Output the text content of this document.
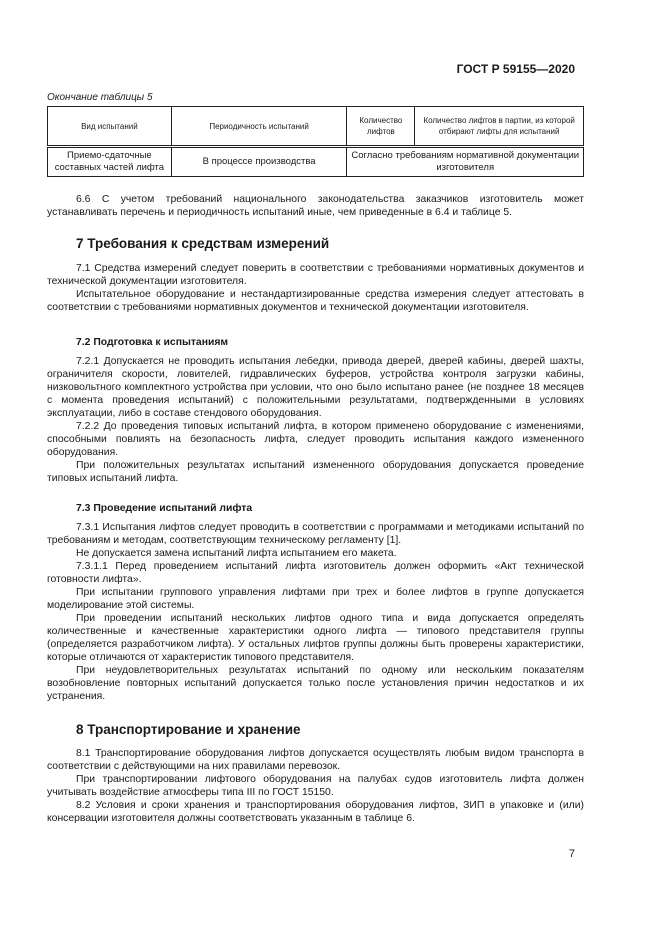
ГОСТ Р 59155—2020
Окончание таблицы 5
Вид испытаний	Периодичность испытаний	Количество лифтов	Количество лифтов в партии, из которой отбирают лифты для испытаний
Приемо-сдаточные составных частей лифта	В процессе производства	Согласно требованиям нормативной документации изготовителя	

6.6 С учетом требований национального законодательства заказчиков изготовитель может устанавливать перечень и периодичность испытаний иные, чем приведенные в 6.4 и таблице 5.

7 Требования к средствам измерений

7.1 Средства измерений следует поверить в соответствии с требованиями нормативных документов и технической документации изготовителя.

Испытательное оборудование и нестандартизированные средства измерения следует аттестовать в соответствии с требованиями нормативных документов и технической документации изготовителя.

7.2 Подготовка к испытаниям

7.2.1 Допускается не проводить испытания лебедки, привода дверей, дверей кабины, дверей шахты, ограничителя скорости, ловителей, гидравлических буферов, устройства контроля загрузки кабины, низковольтного комплектного устройства при условии, что оно было испытано ранее (не позднее 18 месяцев с момента проведения испытаний) с положительными результатами, подтвержденными в условиях эксплуатации, либо в составе стендового оборудования.

7.2.2 До проведения типовых испытаний лифта, в котором применено оборудование с изменениями, способными повлиять на безопасность лифта, следует проводить испытания каждого измененного оборудования.

При положительных результатах испытаний измененного оборудования допускается проведение типовых испытаний лифта.

7.3 Проведение испытаний лифта

7.3.1 Испытания лифтов следует проводить в соответствии с программами и методиками испытаний по требованиям и методам, соответствующим техническому регламенту [1].

Не допускается замена испытаний лифта испытанием его макета.

7.3.1.1 Перед проведением испытаний лифта изготовитель должен оформить «Акт технической готовности лифта».

При испытании группового управления лифтами при трех и более лифтов в группе допускается моделирование этой системы.

При проведении испытаний нескольких лифтов одного типа и вида допускается определять количественные и качественные характеристики одного лифта — типового представителя группы (определяется разработчиком лифта). У остальных лифтов группы должны быть проверены характеристики, которые отличаются от характеристик типового представителя.

При неудовлетворительных результатах испытаний по одному или нескольким показателям возобновление повторных испытаний допускается только после установления причин недостатков и их устранения.

8 Транспортирование и хранение

8.1 Транспортирование оборудования лифтов допускается осуществлять любым видом транспорта в соответствии с действующими на них правилами перевозок.

При транспортировании лифтового оборудования на палубах судов изготовитель лифта должен учитывать воздействие атмосферы типа III по ГОСТ 15150.

8.2 Условия и сроки хранения и транспортирования оборудования лифтов, ЗИП в упаковке и (или) консервации изготовителя должны соответствовать указанным в таблице 6.

7
